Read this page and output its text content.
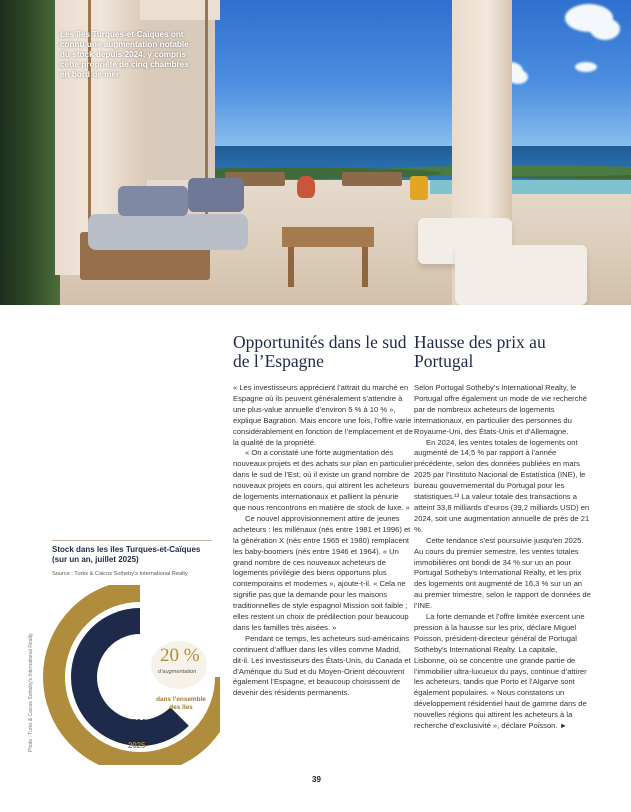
Les îles Turques-et-Caïques ont connu une augmentation notable du stock depuis 2024, y compris cette propriété de cinq chambres en bord de mer
Photo : Turks & Caicos Sotheby's International Realty
Opportunités dans le sud de l’Espagne

« Les investisseurs apprécient l’attrait du marché en Espagne où ils peuvent généralement s’attendre à une plus-value annuelle d’environ 5 % à 10 % », explique Bagration. Mais encore une fois, l’offre varie considérablement en fonction de l’emplacement et de la qualité de la propriété.

« On a constaté une forte augmentation des nouveaux projets et des achats sur plan en particulier dans le sud de l’Est, où il existe un grand nombre de nouveaux projets en cours, qui attirent les acheteurs de logements internationaux et pallient la pénurie que nous rencontrons en matière de stock de luxe. »

Ce nouvel approvisionnement attire de jeunes acheteurs : les millénaux (nés entre 1981 et 1996) et la génération X (nés entre 1965 et 1980) remplacent les baby-boomers (nés entre 1946 et 1964). « Un grand nombre de ces nouveaux acheteurs de logements privilégie des biens opportuns plus contemporains et modernes », ajoute-t-il. « Cela ne signifie pas que la demande pour les maisons traditionnelles de style espagnol Mission soit faible ; elles restent un choix de prédilection pour beaucoup dans les familles très aisées. »

Pendant ce temps, les acheteurs sud-américains continuent d’affluer dans les villes comme Madrid, dit-il. Les investisseurs des États-Unis, du Canada et d’Amérique du Sud et du Moyen-Orient découvrent également l’Espagne, et beaucoup choisissent de devenir des résidents permanents.

Hausse des prix au Portugal

Selon Portugal Sotheby’s International Realty, le Portugal offre également un mode de vie recherché par de nombreux acheteurs de logements internationaux, en particulier des personnes du Royaume-Uni, des États-Unis et d’Allemagne.

En 2024, les ventes totales de logements ont augmenté de 14,5 % par rapport à l’année précédente, selon des données publiées en mars 2025 par l’Instituto Nacional de Estatística (INE), le bureau gouvernemental du Portugal pour les statistiques.¹³ La valeur totale des transactions a atteint 33,8 milliards d’euros (39,2 milliards USD) en 2024, soit une augmentation annuelle de près de 21 %.

Cette tendance s’est poursuivie jusqu’en 2025. Au cours du premier semestre, les ventes totales immobilières ont bondi de 34 % sur un an pour Portugal Sotheby’s International Realty, et les prix des logements ont augmenté de 16,3 % sur un an au premier trimestre, selon le rapport de données de l’INE.

La forte demande et l’offre limitée exercent une pression à la hausse sur les prix, déclare Miguel Poisson, président-directeur général de Portugal Sotheby’s International Realty. La capitale, Lisbonne, où se concentre une grande partie de l’immobilier ultra-luxueux du pays, continue d’attirer les acheteurs, tandis que Porto et l’Algarve sont également populaires. « Nous constatons un développement résidentiel haut de gamme dans de nouvelles régions qui attirent les acheteurs à la recherche d’exclusivité », déclare Poisson. ►

Stock dans les îles Turques-et-Caïques (sur un an, juillet 2025)
Source : Turks & Caicos Sotheby's International Realty
20 %
d’augmentation
dans l’ensemble des îles
2024
2025
39
